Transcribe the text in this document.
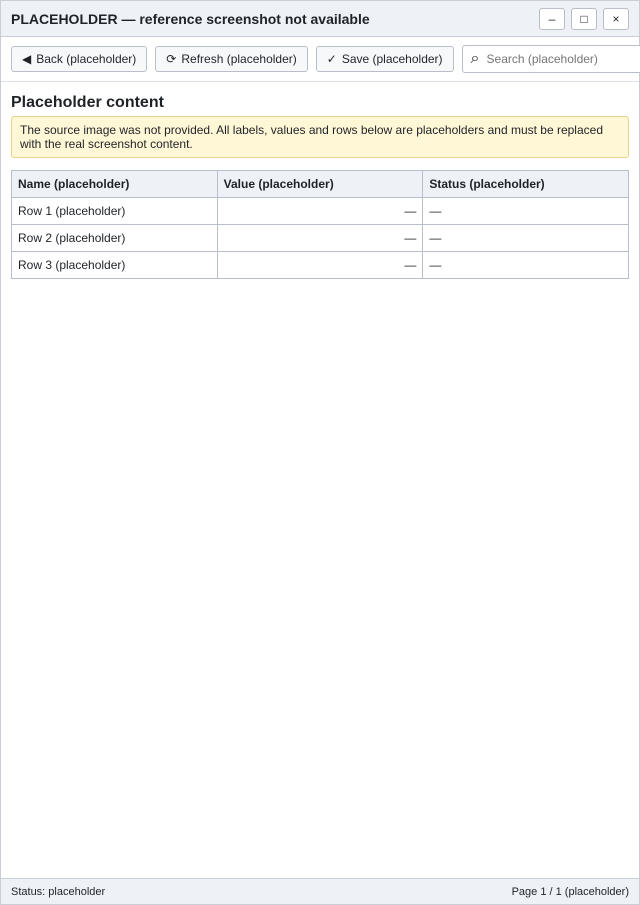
PLACEHOLDER — reference screenshot not available	–	□	×
◀ Back (placeholder)	⟳ Refresh (placeholder)	✓ Save (placeholder) ⌕
Search (placeholder)
Placeholder content

The source image was not provided. All labels, values and rows below are placeholders and must be replaced with the real screenshot content.

Name (placeholder)	Value (placeholder)	Status (placeholder)
Row 1 (placeholder)	—	—
Row 2 (placeholder)	—	—
Row 3 (placeholder)	—	—
Status: placeholder	Page 1 / 1 (placeholder)
